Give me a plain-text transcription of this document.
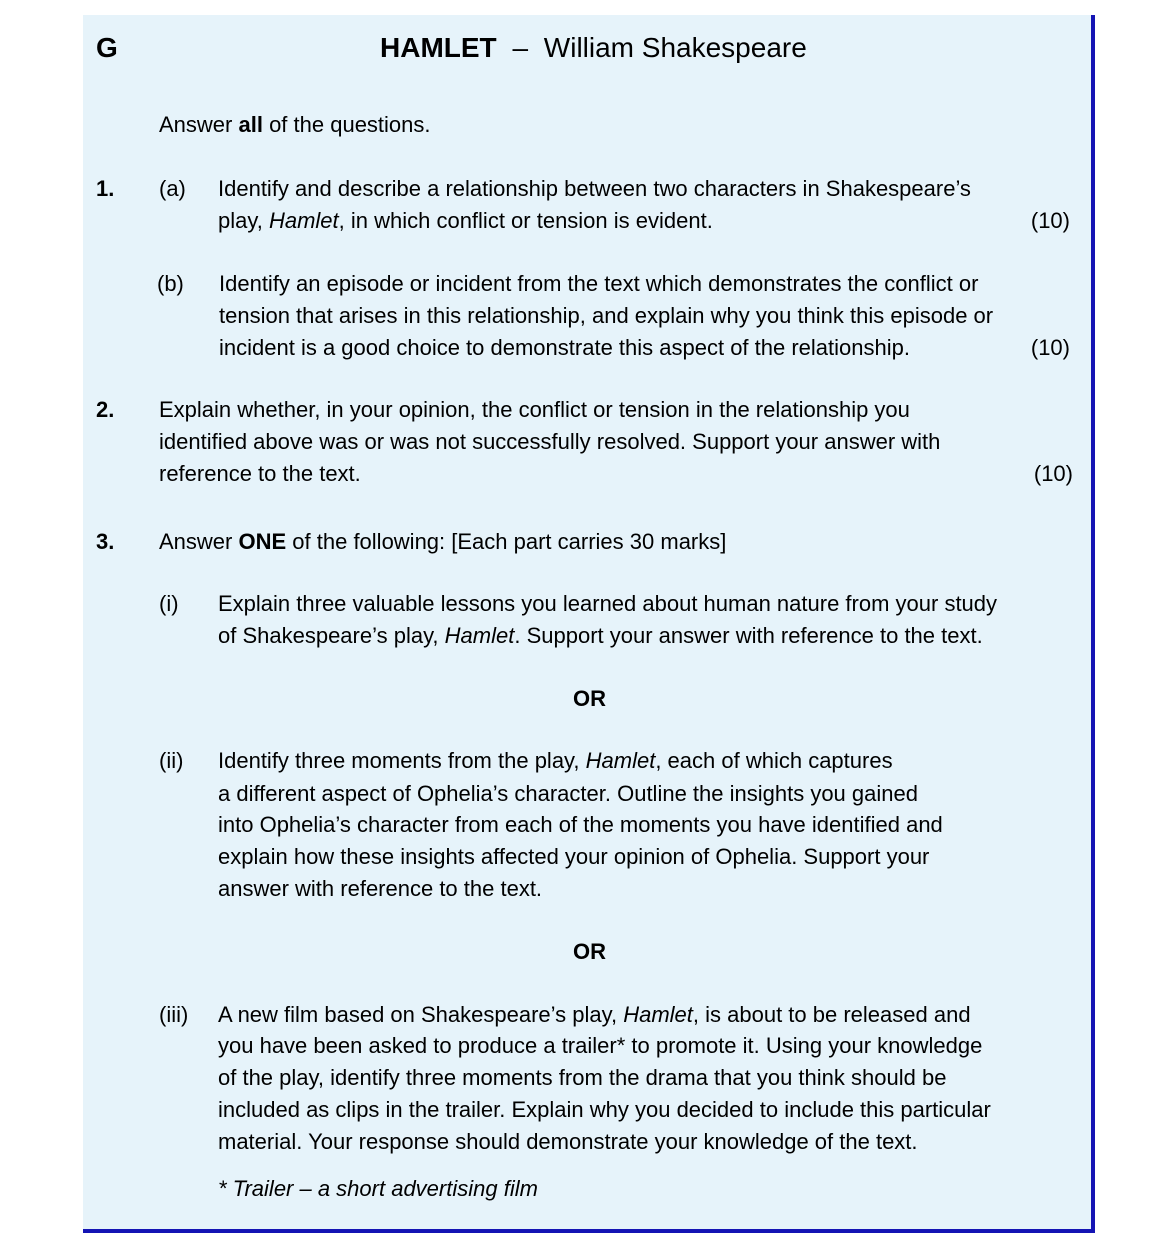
G	HAMLET – William Shakespeare
Answer all of the questions.
1. (a) Identify and describe a relationship between two characters in Shakespeare’s
play, Hamlet, in which conflict or tension is evident.	(10)
(b) Identify an episode or incident from the text which demonstrates the conflict or
tension that arises in this relationship, and explain why you think this episode or
incident is a good choice to demonstrate this aspect of the relationship.	(10)
2. Explain whether, in your opinion, the conflict or tension in the relationship you
identified above was or was not successfully resolved. Support your answer with
reference to the text.	(10)
3. Answer ONE of the following: [Each part carries 30 marks]
(i) Explain three valuable lessons you learned about human nature from your study
of Shakespeare’s play, Hamlet. Support your answer with reference to the text.
OR
(ii) Identify three moments from the play, Hamlet, each of which captures
a different aspect of Ophelia’s character. Outline the insights you gained
into Ophelia’s character from each of the moments you have identified and
explain how these insights affected your opinion of Ophelia. Support your
answer with reference to the text.
OR
(iii) A new film based on Shakespeare’s play, Hamlet, is about to be released and
you have been asked to produce a trailer* to promote it. Using your knowledge
of the play, identify three moments from the drama that you think should be
included as clips in the trailer. Explain why you decided to include this particular
material. Your response should demonstrate your knowledge of the text.
* Trailer – a short advertising film
